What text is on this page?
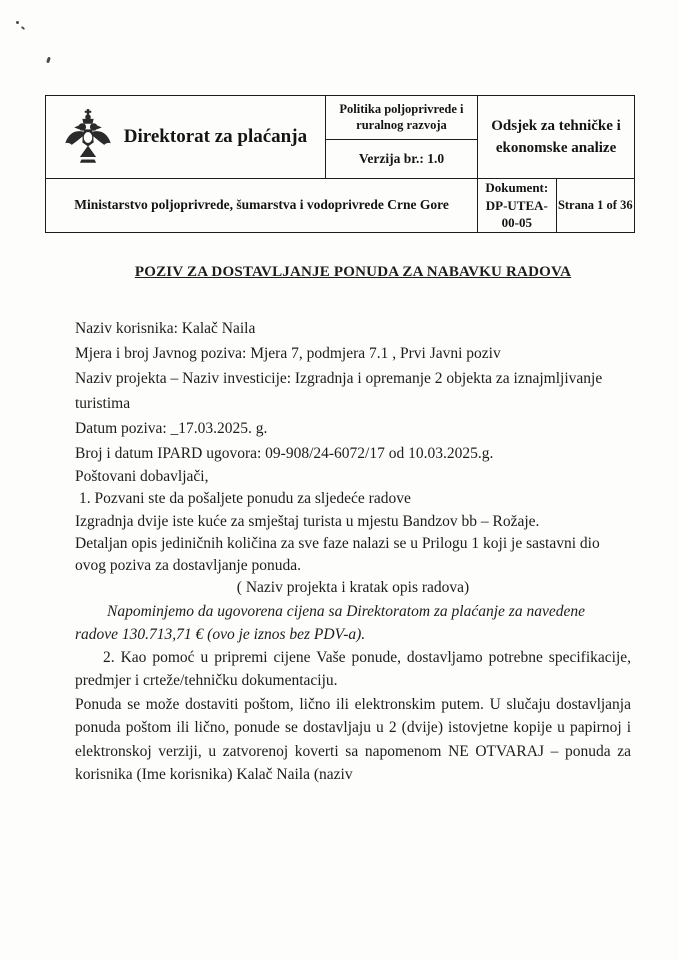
Direktorat za plaćanja	Politika poljoprivrede i ruralnog razvoja
Verzija br.: 1.0	Odsjek za tehničke i ekonomske analize	
Ministarstvo poljoprivrede, šumarstva i vodoprivrede Crne Gore		Dokument: DP-UTEA-00-05	Strana 1 of 36
POZIV ZA DOSTAVLJANJE PONUDA ZA NABAVKU RADOVA

Naziv korisnika: Kalač Naila

Mjera i broj Javnog poziva: Mjera 7, podmjera 7.1 , Prvi Javni poziv

Naziv projekta – Naziv investicije: Izgradnja i opremanje 2 objekta za iznajmljivanje turistima

Datum poziva: _17.03.2025. g.

Broj i datum IPARD ugovora: 09-908/24-6072/17 od 10.03.2025.g.

Poštovani dobavljači,

1. Pozvani ste da pošaljete ponudu za sljedeće radove

Izgradnja dvije iste kuće za smještaj turista u mjestu Bandzov bb – Rožaje.

Detaljan opis jediničnih količina za sve faze nalazi se u Prilogu 1 koji je sastavni dio ovog poziva za dostavljanje ponuda.

( Naziv projekta i kratak opis radova)

Napominjemo da ugovorena cijena sa Direktoratom za plaćanje za navedene radove 130.713,71 € (ovo je iznos bez PDV-a).

2. Kao pomoć u pripremi cijene Vaše ponude, dostavljamo potrebne specifikacije, predmjer i crteže/tehničku dokumentaciju.

Ponuda se može dostaviti poštom, lično ili elektronskim putem. U slučaju dostavljanja ponuda poštom ili lično, ponude se dostavljaju u 2 (dvije) istovjetne kopije u papirnoj i elektronskoj verziji, u zatvorenoj koverti sa napomenom NE OTVARAJ – ponuda za korisnika (Ime korisnika) Kalač Naila (naziv
